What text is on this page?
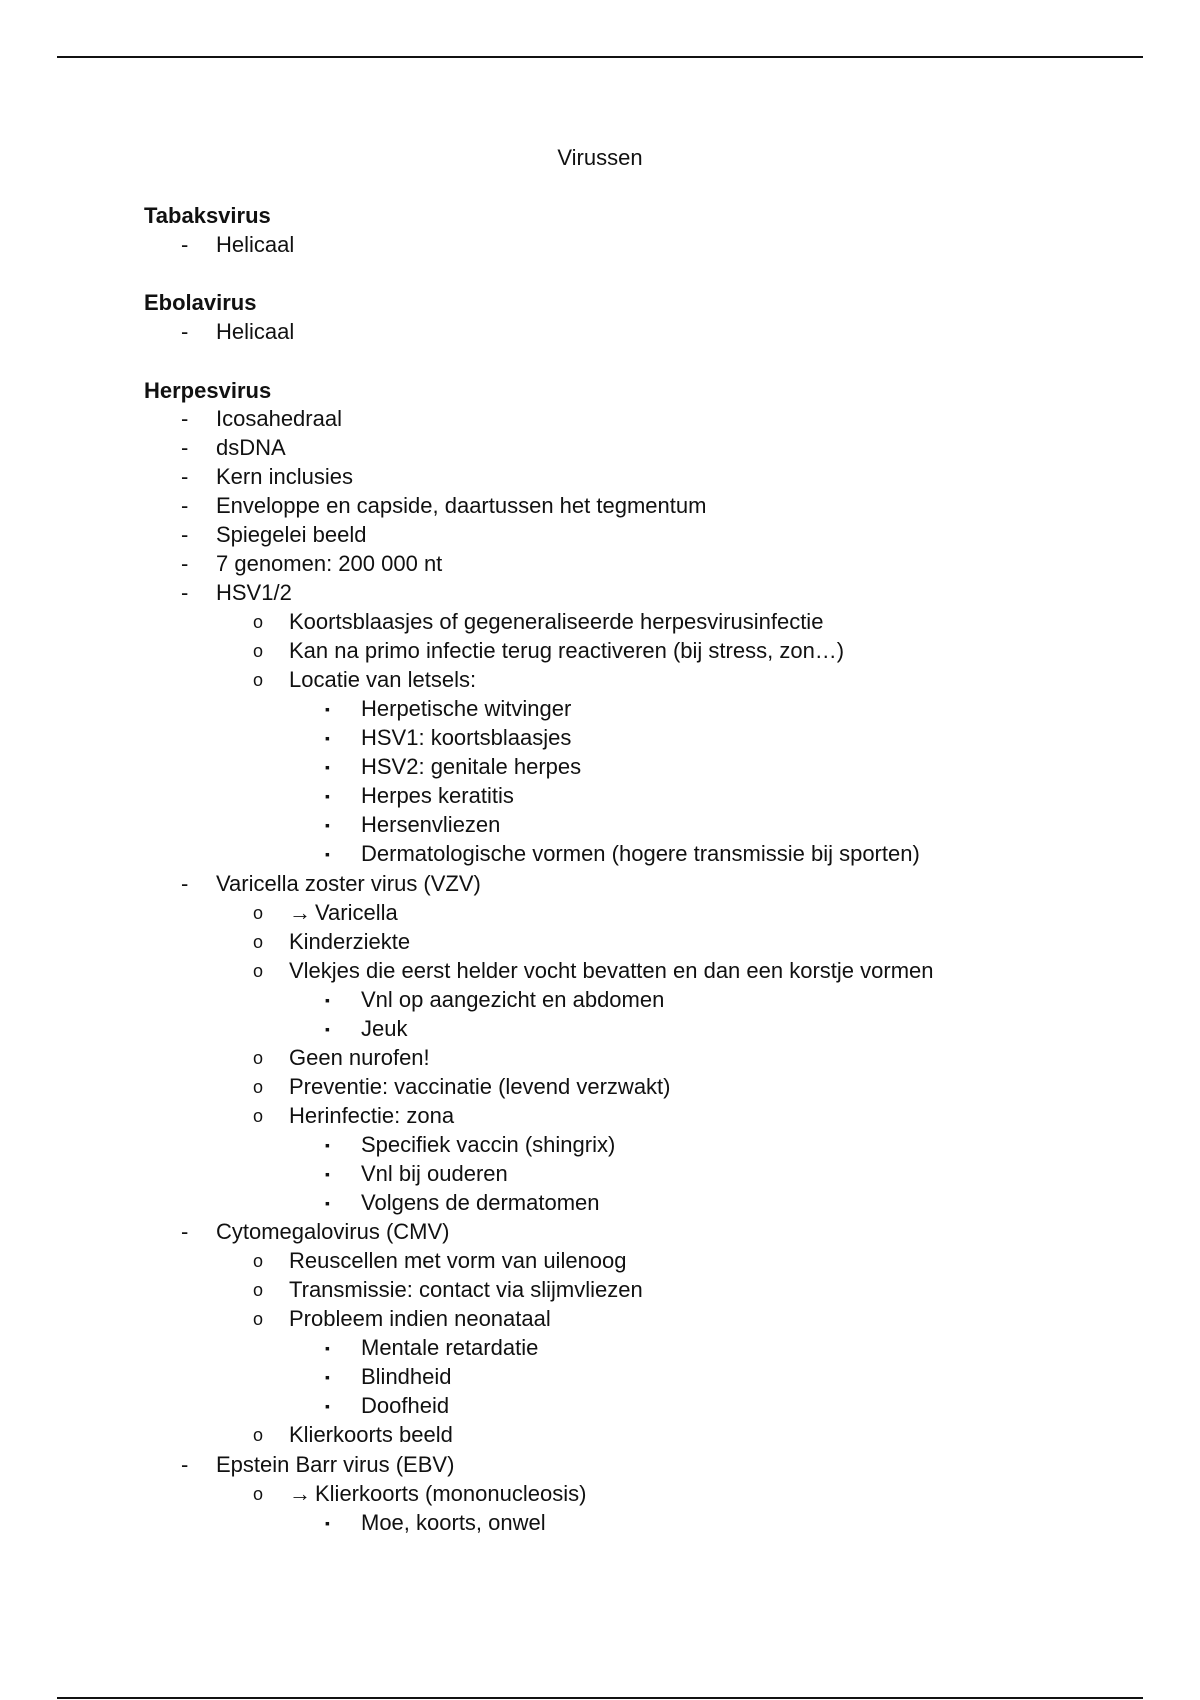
Virussen
Tabaksvirus
- Helicaal
Ebolavirus
- Helicaal
Herpesvirus
- Icosahedraal
- dsDNA
- Kern inclusies
- Enveloppe en capside, daartussen het tegmentum
- Spiegelei beeld
- 7 genomen: 200 000 nt
- HSV1/2
o Koortsblaasjes of gegeneraliseerde herpesvirusinfectie
o Kan na primo infectie terug reactiveren (bij stress, zon…)
o Locatie van letsels:
▪ Herpetische witvinger
▪ HSV1: koortsblaasjes
▪ HSV2: genitale herpes
▪ Herpes keratitis
▪ Hersenvliezen
▪ Dermatologische vormen (hogere transmissie bij sporten)
- Varicella zoster virus (VZV)
o → Varicella
o Kinderziekte
o Vlekjes die eerst helder vocht bevatten en dan een korstje vormen
▪ Vnl op aangezicht en abdomen
▪ Jeuk
o Geen nurofen!
o Preventie: vaccinatie (levend verzwakt)
o Herinfectie: zona
▪ Specifiek vaccin (shingrix)
▪ Vnl bij ouderen
▪ Volgens de dermatomen
- Cytomegalovirus (CMV)
o Reuscellen met vorm van uilenoog
o Transmissie: contact via slijmvliezen
o Probleem indien neonataal
▪ Mentale retardatie
▪ Blindheid
▪ Doofheid
o Klierkoorts beeld
- Epstein Barr virus (EBV)
o → Klierkoorts (mononucleosis)
▪ Moe, koorts, onwel
